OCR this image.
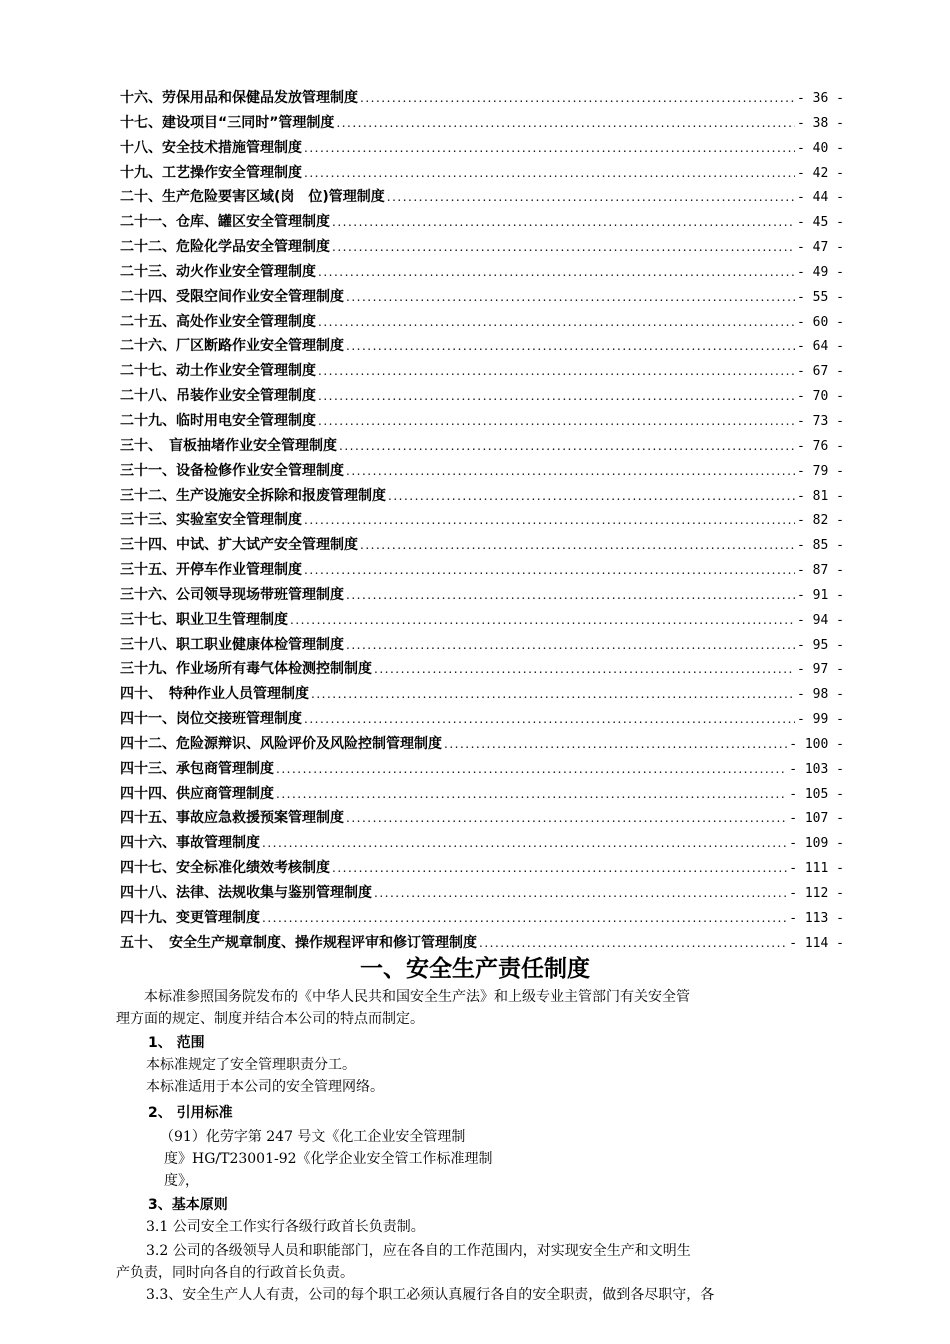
十六、劳保用品和保健品发放管理制度 .....	- 36 -
十七、建设项目“三同时”管理制度 .....	- 38 -
十八、安全技术措施管理制度 .....	- 40 -
十九、工艺操作安全管理制度 .....	- 42 -
二十、生产危险要害区域(岗　位)管理制度 .....	- 44 -
二十一、仓库、罐区安全管理制度 .....	- 45 -
二十二、危险化学品安全管理制度 .....	- 47 -
二十三、动火作业安全管理制度 .....	- 49 -
二十四、受限空间作业安全管理制度 .....	- 55 -
二十五、高处作业安全管理制度 .....	- 60 -
二十六、厂区断路作业安全管理制度 .....	- 64 -
二十七、动土作业安全管理制度 .....	- 67 -
二十八、吊装作业安全管理制度 .....	- 70 -
二十九、临时用电安全管理制度 .....	- 73 -
三十、　盲板抽堵作业安全管理制度 .....	- 76 -
三十一、设备检修作业安全管理制度 .....	- 79 -
三十二、生产设施安全拆除和报废管理制度 .....	- 81 -
三十三、实验室安全管理制度 .....	- 82 -
三十四、中试、扩大试产安全管理制度 .....	- 85 -
三十五、开停车作业管理制度 .....	- 87 -
三十六、公司领导现场带班管理制度 .....	- 91 -
三十七、职业卫生管理制度 .....	- 94 -
三十八、职工职业健康体检管理制度 .....	- 95 -
三十九、作业场所有毒气体检测控制制度 .....	- 97 -
四十、　特种作业人员管理制度 .....	- 98 -
四十一、岗位交接班管理制度 .....	- 99 -
四十二、危险源辩识、风险评价及风险控制管理制度 .....	- 100 -
四十三、承包商管理制度 .....	- 103 -
四十四、供应商管理制度 .....	- 105 -
四十五、事故应急救援预案管理制度 .....	- 107 -
四十六、事故管理制度 .....	- 109 -
四十七、安全标准化绩效考核制度 .....	- 111 -
四十八、法律、法规收集与鉴别管理制度 .....	- 112 -
四十九、变更管理制度 .....	- 113 -
五十、　安全生产规章制度、操作规程评审和修订管理制度 .....	- 114 -
一、安全生产责任制度
　　本标准参照国务院发布的《中华人民共和国安全生产法》和上级专业主管部门有关安全管
理方面的规定、制度并结合本公司的特点而制定。
1、 范围
本标准规定了安全管理职责分工。
本标准适用于本公司的安全管理网络。
2、 引用标准
（91）化劳字第 247 号文《化工企业安全管理制
度》HG/T23001-92《化学企业安全管工作标准理制
度》，
3、基本原则
3.1 公司安全工作实行各级行政首长负责制。
3.2 公司的各级领导人员和职能部门，应在各自的工作范围内，对实现安全生产和文明生
产负责，同时向各自的行政首长负责。
3.3、安全生产人人有责，公司的每个职工必须认真履行各自的安全职责，做到各尽职守，各
